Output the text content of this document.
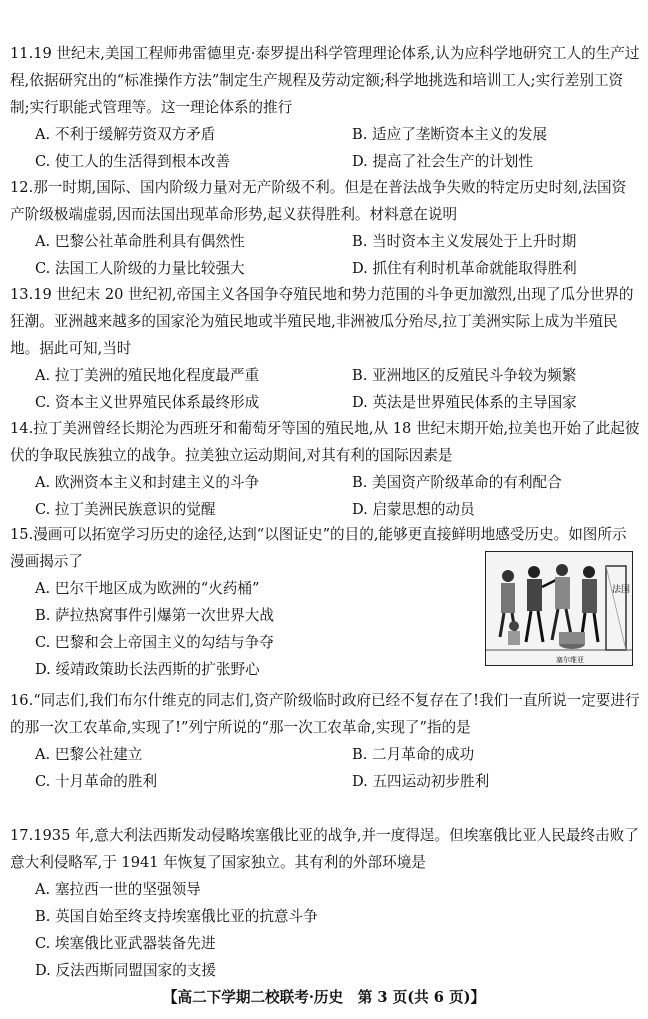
11.19 世纪末,美国工程师弗雷德里克·泰罗提出科学管理理论体系,认为应科学地研究工人的生产过程,依据研究出的“标准操作方法”制定生产规程及劳动定额;科学地挑选和培训工人;实行差别工资制;实行职能式管理等。这一理论体系的推行

A. 不利于缓解劳资双方矛盾	B. 适应了垄断资本主义的发展
C. 使工人的生活得到根本改善	D. 提高了社会生产的计划性

12.那一时期,国际、国内阶级力量对无产阶级不利。但是在普法战争失败的特定历史时刻,法国资产阶级极端虚弱,因而法国出现革命形势,起义获得胜利。材料意在说明

A. 巴黎公社革命胜利具有偶然性	B. 当时资本主义发展处于上升时期
C. 法国工人阶级的力量比较强大	D. 抓住有利时机革命就能取得胜利

13.19 世纪末 20 世纪初,帝国主义各国争夺殖民地和势力范围的斗争更加激烈,出现了瓜分世界的狂潮。亚洲越来越多的国家沦为殖民地或半殖民地,非洲被瓜分殆尽,拉丁美洲实际上成为半殖民地。据此可知,当时

A. 拉丁美洲的殖民地化程度最严重	B. 亚洲地区的反殖民斗争较为频繁
C. 资本主义世界殖民体系最终形成	D. 英法是世界殖民体系的主导国家

14.拉丁美洲曾经长期沦为西班牙和葡萄牙等国的殖民地,从 18 世纪末期开始,拉美也开始了此起彼伏的争取民族独立的战争。拉美独立运动期间,对其有利的国际因素是

A. 欧洲资本主义和封建主义的斗争	B. 美国资产阶级革命的有利配合
C. 拉丁美洲民族意识的觉醒	D. 启蒙思想的动员

15.漫画可以拓宽学习历史的途径,达到“以图证史”的目的,能够更直接鲜明地感受历史。如图所示漫画揭示了

A. 巴尔干地区成为欧洲的“火药桶”
B. 萨拉热窝事件引爆第一次世界大战
C. 巴黎和会上帝国主义的勾结与争夺
D. 绥靖政策助长法西斯的扩张野心
法国
塞尔维亚

16.“同志们,我们布尔什维克的同志们,资产阶级临时政府已经不复存在了!我们一直所说一定要进行的那一次工农革命,实现了!”列宁所说的“那一次工农革命,实现了”指的是

A. 巴黎公社建立	B. 二月革命的成功
C. 十月革命的胜利	D. 五四运动初步胜利

17.1935 年,意大利法西斯发动侵略埃塞俄比亚的战争,并一度得逞。但埃塞俄比亚人民最终击败了意大利侵略军,于 1941 年恢复了国家独立。其有利的外部环境是

A. 塞拉西一世的坚强领导
B. 英国自始至终支持埃塞俄比亚的抗意斗争
C. 埃塞俄比亚武器装备先进
D. 反法西斯同盟国家的支援
【高二下学期二校联考·历史　第 3 页(共 6 页)】
